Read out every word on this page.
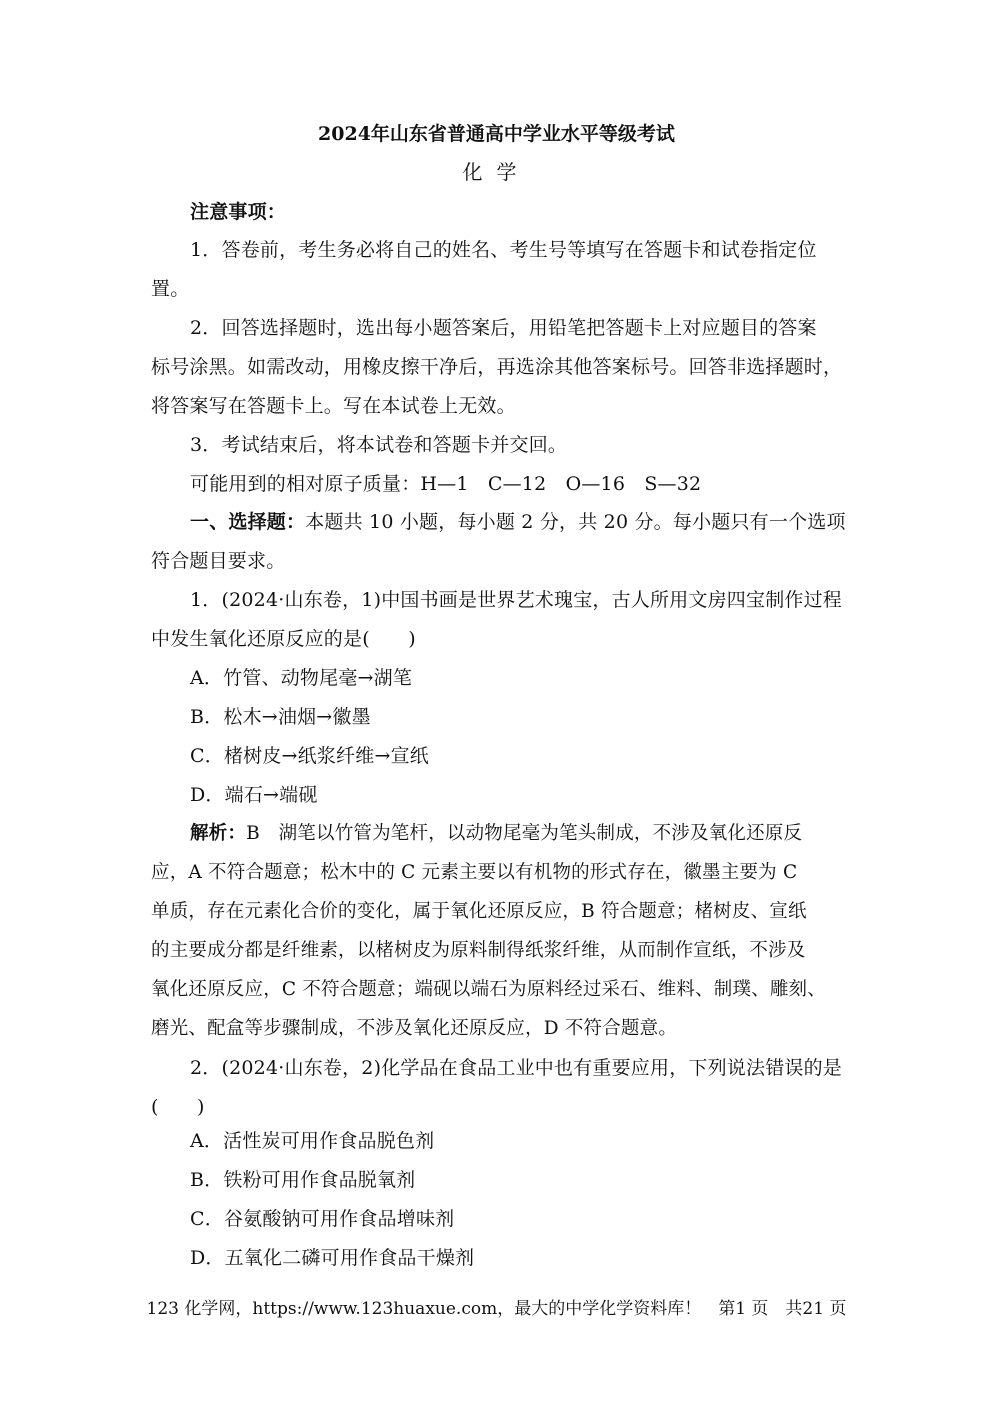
2024年山东省普通高中学业水平等级考试
化学
注意事项：
1．答卷前，考生务必将自己的姓名、考生号等填写在答题卡和试卷指定位
置。
2．回答选择题时，选出每小题答案后，用铅笔把答题卡上对应题目的答案
标号涂黑。如需改动，用橡皮擦干净后，再选涂其他答案标号。回答非选择题时，
将答案写在答题卡上。写在本试卷上无效。
3．考试结束后，将本试卷和答题卡并交回。
可能用到的相对原子质量：H—1　C—12　O—16　S—32
一、选择题：本题共 10 小题，每小题 2 分，共 20 分。每小题只有一个选项
符合题目要求。
1．(2024·山东卷，1)中国书画是世界艺术瑰宝，古人所用文房四宝制作过程
中发生氧化还原反应的是(　　)
A．竹管、动物尾毫→湖笔
B．松木→油烟→徽墨
C．楮树皮→纸浆纤维→宣纸
D．端石→端砚
解析：B　湖笔以竹管为笔杆，以动物尾毫为笔头制成，不涉及氧化还原反
应，A 不符合题意；松木中的 C 元素主要以有机物的形式存在，徽墨主要为 C
单质，存在元素化合价的变化，属于氧化还原反应，B 符合题意；楮树皮、宣纸
的主要成分都是纤维素，以楮树皮为原料制得纸浆纤维，从而制作宣纸，不涉及
氧化还原反应，C 不符合题意；端砚以端石为原料经过采石、维料、制璞、雕刻、
磨光、配盒等步骤制成，不涉及氧化还原反应，D 不符合题意。
2．(2024·山东卷，2)化学品在食品工业中也有重要应用，下列说法错误的是
(　　)
A．活性炭可用作食品脱色剂
B．铁粉可用作食品脱氧剂
C．谷氨酸钠可用作食品增味剂
D．五氧化二磷可用作食品干燥剂
123 化学网，https://www.123huaxue.com，最大的中学化学资料库！　第1 页　共21 页
